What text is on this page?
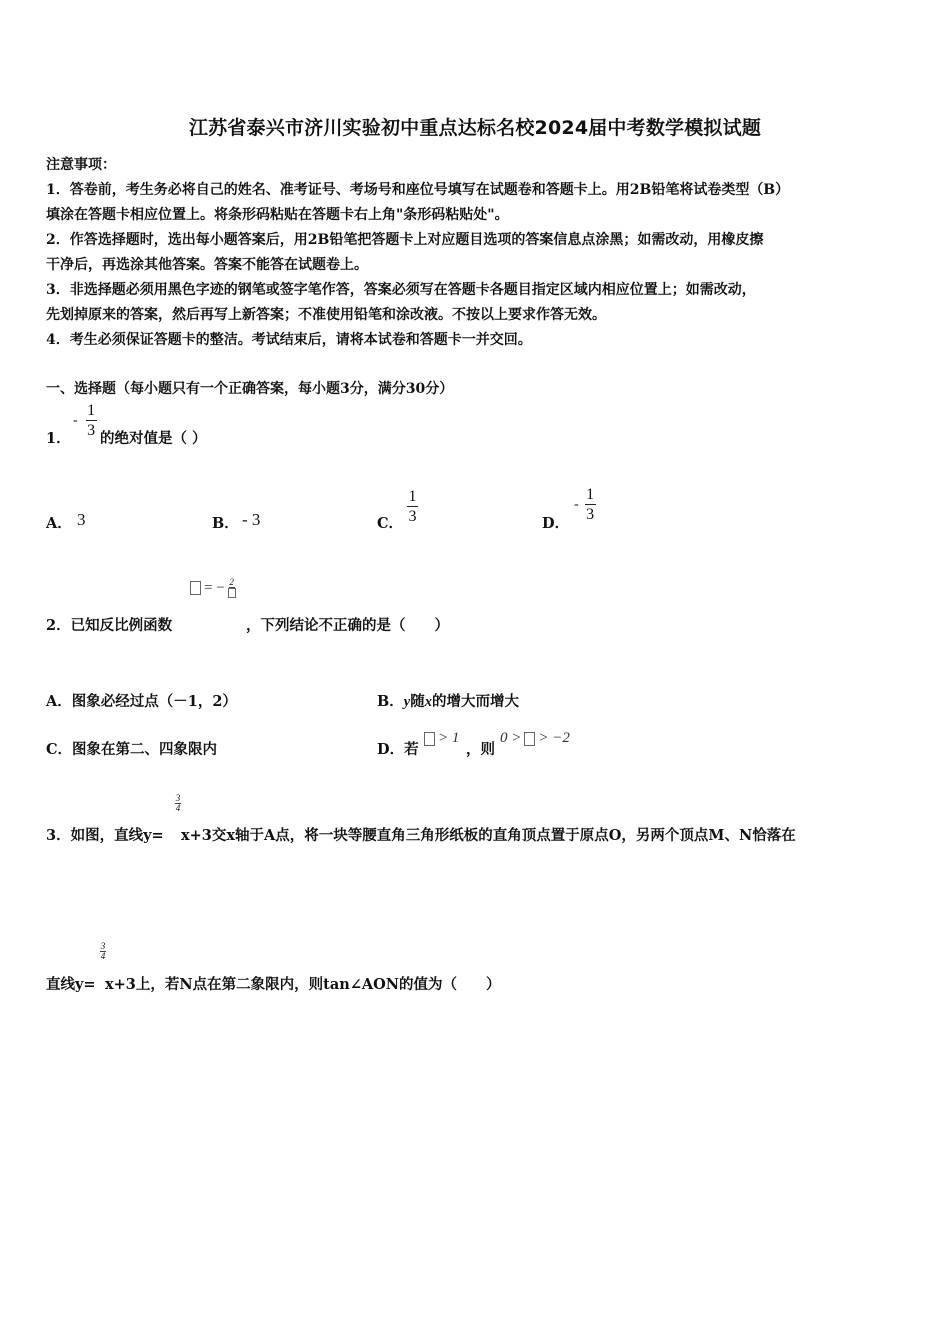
江苏省泰兴市济川实验初中重点达标名校2024届中考数学模拟试题
注意事项：
1．答卷前，考生务必将自己的姓名、准考证号、考场号和座位号填写在试题卷和答题卡上。用2B铅笔将试卷类型（B）
填涂在答题卡相应位置上。将条形码粘贴在答题卡右上角"条形码粘贴处"。
2．作答选择题时，选出每小题答案后，用2B铅笔把答题卡上对应题目选项的答案信息点涂黑；如需改动，用橡皮擦
干净后，再选涂其他答案。答案不能答在试题卷上。
3．非选择题必须用黑色字迹的钢笔或签字笔作答，答案必须写在答题卡各题目指定区域内相应位置上；如需改动，
先划掉原来的答案，然后再写上新答案；不准使用铅笔和涂改液。不按以上要求作答无效。
4．考生必须保证答题卡的整洁。考试结束后，请将本试卷和答题卡一并交回。
一、选择题（每小题只有一个正确答案，每小题3分，满分30分）
1．
- $\frac{1}{3}$ 的绝对值是（ ）
A． 3	B． - 3	C． $\frac{1}{3}$	D．
- $\frac{1}{3}$
= − 2
2．已知反比例函数	，下列结论不正确的是（　　）
A．图象必经过点（－1，2）	B．y随x的增大而增大
C．图象在第二、四象限内	D．若
> 1
，则
0 > > −2
3
4
3．如图，直线y= x+3交x轴于A点，将一块等腰直角三角形纸板的直角顶点置于原点O，另两个顶点M、N恰落在
3
4
直线y= x+3上，若N点在第二象限内，则tan∠AON的值为（　　）
